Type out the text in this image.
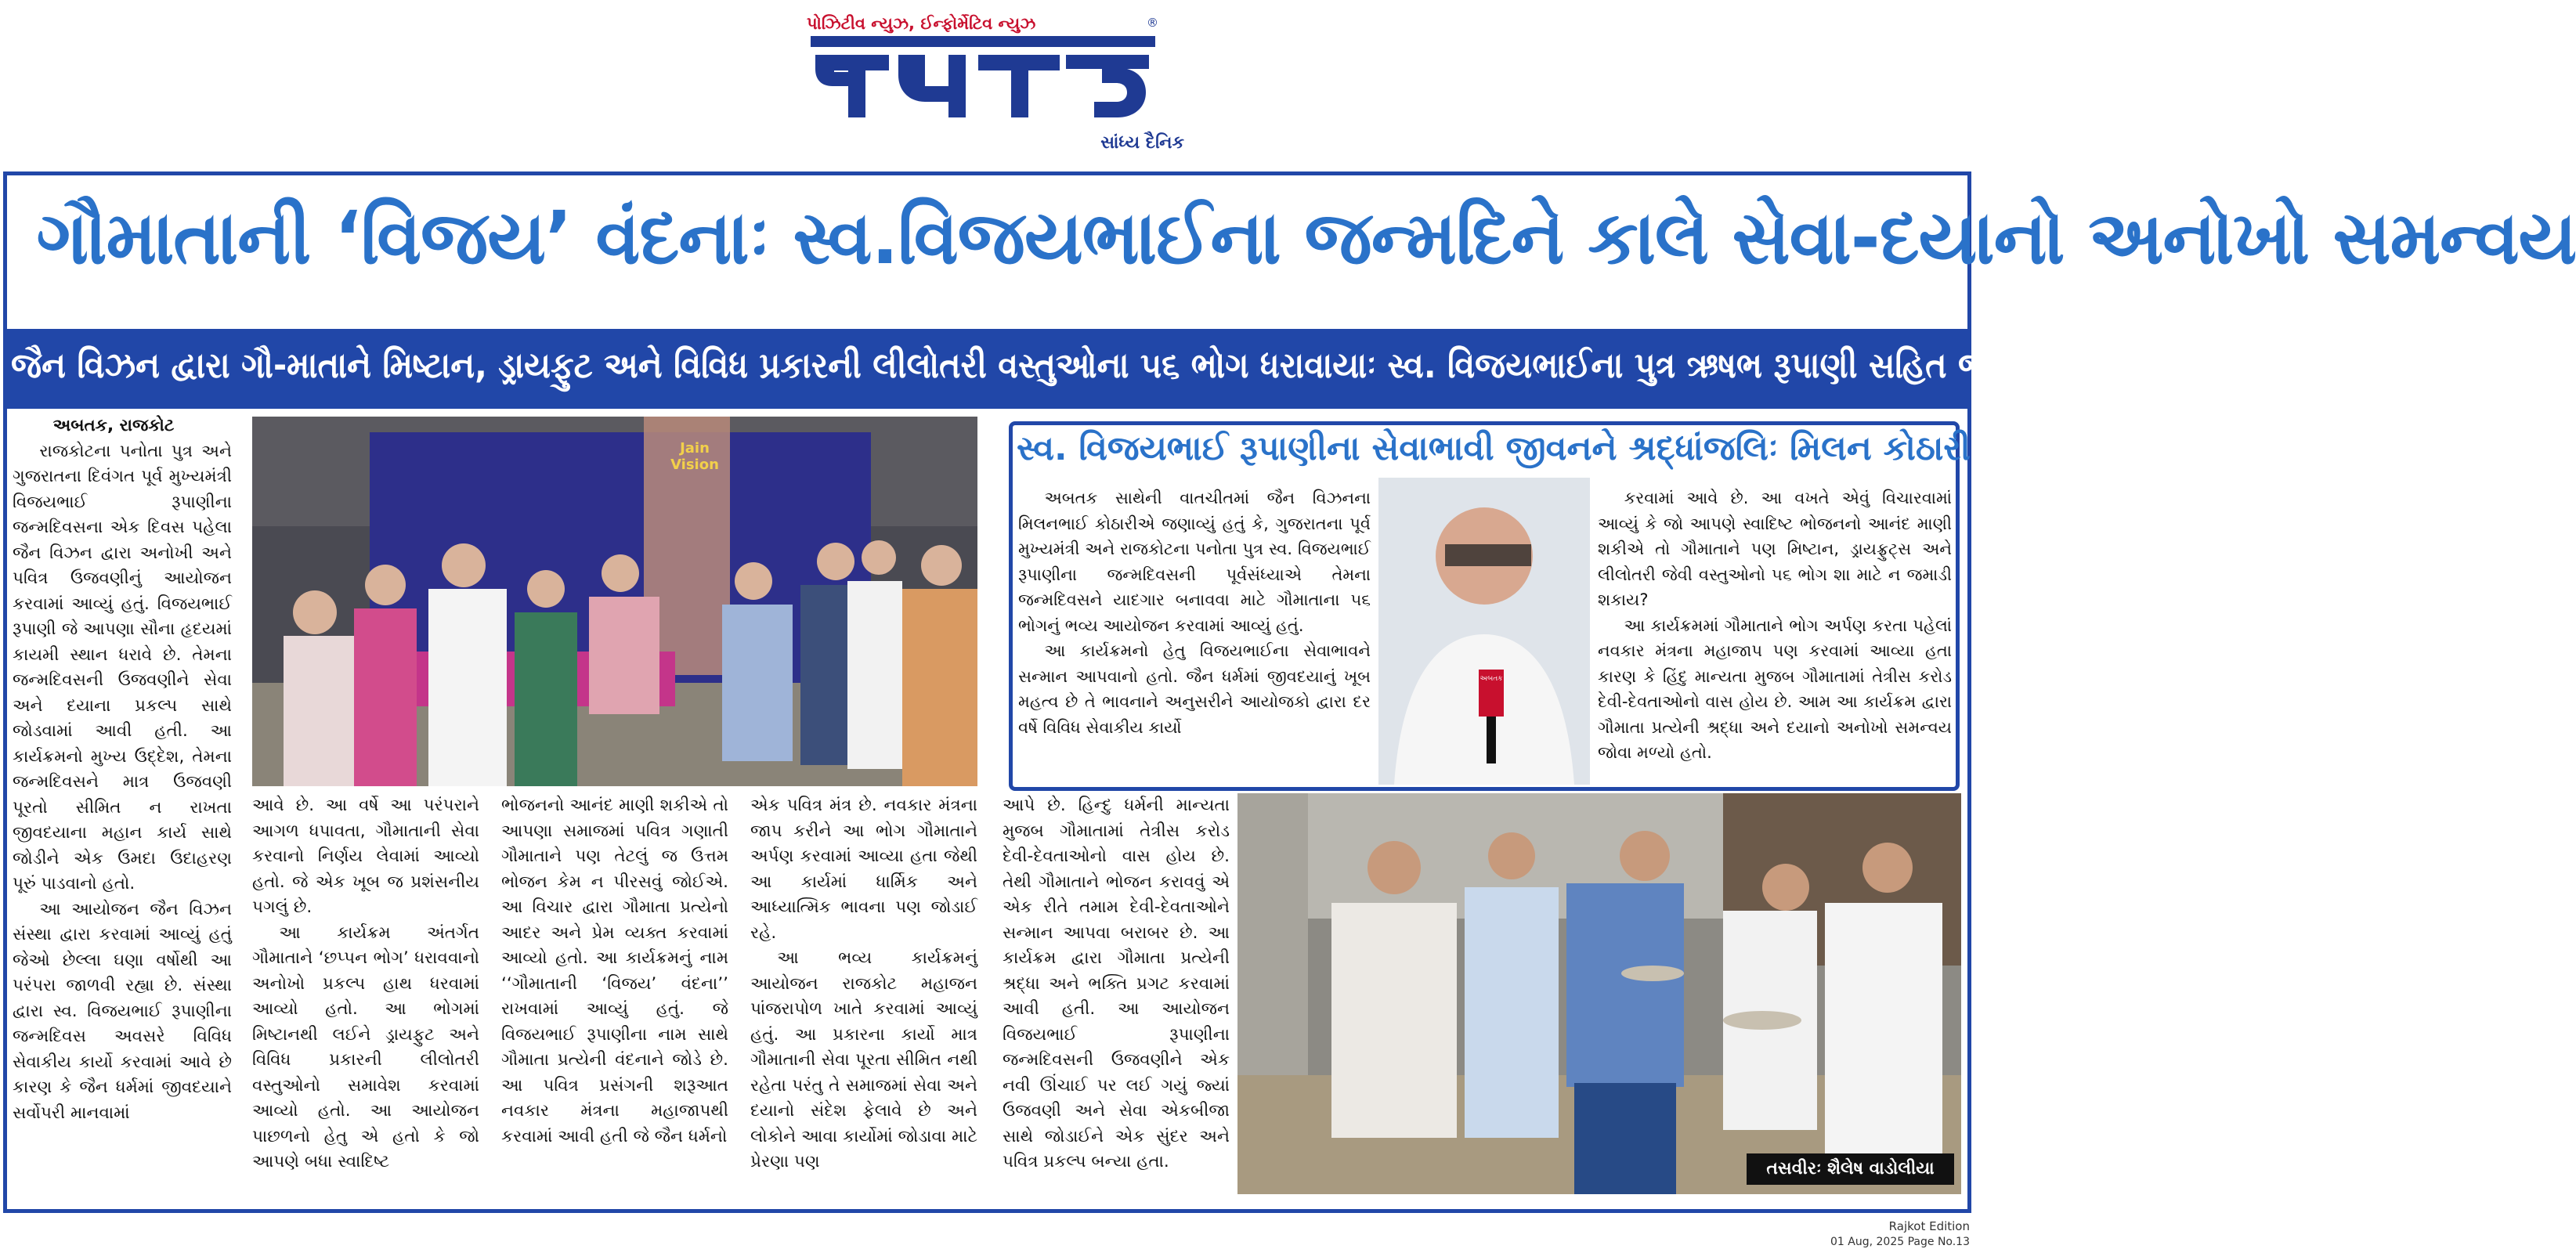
પોઝિટીવ ન્યુઝ, ઈન્ફોર્મેટિવ ન્યુઝ	®
સાંધ્ય દૈનિક
ગૌમાતાની ‘વિજય’ વંદનાઃ સ્વ.વિજયભાઈના જન્મદિને કાલે સેવા-દયાનો અનોખો સમન્વય
જૈન વિઝન દ્વારા ગૌ-માતાને મિષ્ટાન, ડ્રાયફુટ અને વિવિધ પ્રકારની લીલોતરી વસ્તુઓના ૫૬ ભોગ ધરાવાયાઃ સ્વ. વિજયભાઈના પુત્ર ઋષભ રૂપાણી સહિત જૈન સમાજના અગ્રણીઓ રહ્યા ઉપસ્થિત

અબતક, રાજકોટ

રાજકોટના પનોતા પુત્ર અને ગુજરાતના દિવંગત પૂર્વ મુખ્યમંત્રી વિજયભાઈ રૂપાણીના જન્મદિવસના એક દિવસ પહેલા જૈન વિઝન દ્વારા અનોખી અને પવિત્ર ઉજવણીનું આયોજન કરવામાં આવ્યું હતું. વિજયભાઈ રૂપાણી જે આપણા સૌના હૃદયમાં કાયમી સ્થાન ધરાવે છે. તેમના જન્મદિવસની ઉજવણીને સેવા અને દયાના પ્રકલ્પ સાથે જોડવામાં આવી હતી. આ કાર્યક્રમનો મુખ્ય ઉદ્દેશ, તેમના જન્મદિવસને માત્ર ઉજવણી પૂરતો સીમિત ન રાખતા જીવદયાના મહાન કાર્ય સાથે જોડીને એક ઉમદા ઉદાહરણ પૂરું પાડવાનો હતો.

આ આયોજન જૈન વિઝન સંસ્થા દ્વારા કરવામાં આવ્યું હતું જેઓ છેલ્લા ઘણા વર્ષોથી આ પરંપરા જાળવી રહ્યા છે. સંસ્થા દ્વારા સ્વ. વિજયભાઈ રૂપાણીના જન્મદિવસ અવસરે વિવિધ સેવાકીય કાર્યો કરવામાં આવે છે કારણ કે જૈન ધર્મમાં જીવદયાને સર્વોપરી માનવામાં

Jain Vision	સ્વ. વિજયભાઈ રૂપાણીના સેવાભાવી જીવનને શ્રદ્ધાંજલિઃ મિલન કોઠારી

અબતક સાથેની વાતચીતમાં જૈન વિઝનના મિલનભાઈ કોઠારીએ જણાવ્યું હતું કે, ગુજરાતના પૂર્વ મુખ્યમંત્રી અને રાજકોટના પનોતા પુત્ર સ્વ. વિજયભાઈ રૂપાણીના જન્મદિવસની પૂર્વસંધ્યાએ તેમના જન્મદિવસને યાદગાર બનાવવા માટે ગૌમાતાના ૫૬ ભોગનું ભવ્ય આયોજન કરવામાં આવ્યું હતું.

આ કાર્યક્રમનો હેતુ વિજયભાઈના સેવાભાવને સન્માન આપવાનો હતો. જૈન ધર્મમાં જીવદયાનું ખૂબ મહત્વ છે તે ભાવનાને અનુસરીને આયોજકો દ્વારા દર વર્ષે વિવિધ સેવાકીય કાર્યો

અબતક

કરવામાં આવે છે. આ વખતે એવું વિચારવામાં આવ્યું કે જો આપણે સ્વાદિષ્ટ ભોજનનો આનંદ માણી શકીએ તો ગૌમાતાને પણ મિષ્ટાન, ડ્રાયફ્રુટ્સ અને લીલોતરી જેવી વસ્તુઓનો ૫૬ ભોગ શા માટે ન જમાડી શકાય?

આ કાર્યક્રમમાં ગૌમાતાને ભોગ અર્પણ કરતા પહેલાં નવકાર મંત્રના મહાજાપ પણ કરવામાં આવ્યા હતા કારણ કે હિંદુ માન્યતા મુજબ ગૌમાતામાં તેત્રીસ કરોડ દેવી-દેવતાઓનો વાસ હોય છે. આમ આ કાર્યક્રમ દ્વારા ગૌમાતા પ્રત્યેની શ્રદ્ધા અને દયાનો અનોખો સમન્વય જોવા મળ્યો હતો.

આવે છે. આ વર્ષે આ પરંપરાને આગળ ધપાવતા, ગૌમાતાની સેવા કરવાનો નિર્ણય લેવામાં આવ્યો હતો. જે એક ખૂબ જ પ્રશંસનીય પગલું છે.

આ કાર્યક્રમ અંતર્ગત ગૌમાતાને ‘છપ્પન ભોગ’ ધરાવવાનો અનોખો પ્રકલ્પ હાથ ધરવામાં આવ્યો હતો. આ ભોગમાં મિષ્ટાનથી લઈને ડ્રાયફુટ અને વિવિધ પ્રકારની લીલોતરી વસ્તુઓનો સમાવેશ કરવામાં આવ્યો હતો. આ આયોજન પાછળનો હેતુ એ હતો કે જો આપણે બધા સ્વાદિષ્ટ

ભોજનનો આનંદ માણી શકીએ તો આપણા સમાજમાં પવિત્ર ગણાતી ગૌમાતાને પણ તેટલું જ ઉત્તમ ભોજન કેમ ન પીરસવું જોઈએ. આ વિચાર દ્વારા ગૌમાતા પ્રત્યેનો આદર અને પ્રેમ વ્યક્ત કરવામાં આવ્યો હતો. આ કાર્યક્રમનું નામ ‘‘ગૌમાતાની ‘વિજય’ વંદના’’ રાખવામાં આવ્યું હતું. જે વિજયભાઈ રૂપાણીના નામ સાથે ગૌમાતા પ્રત્યેની વંદનાને જોડે છે. આ પવિત્ર પ્રસંગની શરૂઆત નવકાર મંત્રના મહાજાપથી કરવામાં આવી હતી જે જૈન ધર્મનો

એક પવિત્ર મંત્ર છે. નવકાર મંત્રના જાપ કરીને આ ભોગ ગૌમાતાને અર્પણ કરવામાં આવ્યા હતા જેથી આ કાર્યમાં ધાર્મિક અને આધ્યાત્મિક ભાવના પણ જોડાઈ રહે.

આ ભવ્ય કાર્યક્રમનું આયોજન રાજકોટ મહાજન પાંજરાપોળ ખાતે કરવામાં આવ્યું હતું. આ પ્રકારના કાર્યો માત્ર ગૌમાતાની સેવા પૂરતા સીમિત નથી રહેતા પરંતુ તે સમાજમાં સેવા અને દયાનો સંદેશ ફેલાવે છે અને લોકોને આવા કાર્યોમાં જોડાવા માટે પ્રેરણા પણ

આપે છે. હિન્દુ ધર્મની માન્યતા મુજબ ગૌમાતામાં તેત્રીસ કરોડ દેવી-દેવતાઓનો વાસ હોય છે. તેથી ગૌમાતાને ભોજન કરાવવું એ એક રીતે તમામ દેવી-દેવતાઓને સન્માન આપવા બરાબર છે. આ કાર્યક્રમ દ્વારા ગૌમાતા પ્રત્યેની શ્રદ્ધા અને ભક્તિ પ્રગટ કરવામાં આવી હતી. આ આયોજન વિજયભાઈ રૂપાણીના જન્મદિવસની ઉજવણીને એક નવી ઊંચાઈ પર લઈ ગયું જ્યાં ઉજવણી અને સેવા એકબીજા સાથે જોડાઈને એક સુંદર અને પવિત્ર પ્રકલ્પ બન્યા હતા.	તસવીરઃ શૈલેષ વાડોલીયા
Rajkot Edition
01 Aug, 2025 Page No.13
